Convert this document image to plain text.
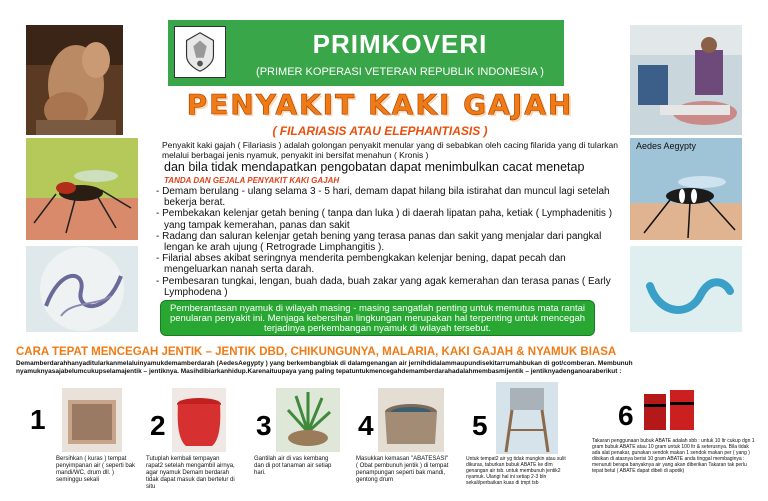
Aedes Aegypty
PRIMKOVERI
(PRIMER KOPERASI VETERAN REPUBLIK INDONESIA )
PENYAKIT KAKI GAJAH
( FILARIASIS ATAU ELEPHANTIASIS )
Penyakit kaki gajah ( Filariasis ) adalah golongan penyakit menular yang di sebabkan oleh cacing filarida yang di tularkan melalui berbagai jenis nyamuk, penyakit ini bersifat menahun ( Kronis )
dan bila tidak mendapatkan pengobatan dapat menimbulkan cacat menetap
TANDA DAN GEJALA PENYAKIT KAKI GAJAH
- Demam berulang - ulang selama 3 - 5 hari, demam dapat hilang bila istirahat dan muncul lagi setelah bekerja berat.
- Pembekakan kelenjar getah bening ( tanpa dan luka ) di daerah lipatan paha, ketiak ( Lymphadenitis ) yang tampak kemerahan, panas dan sakit
- Radang dan saluran kelenjar getah bening yang terasa panas dan sakit yang menjalar dari pangkal lengan ke arah ujung ( Retrograde Limphangitis ).
- Filarial abses akibat seringnya menderita pembengkakan kelenjar bening, dapat pecah dan mengeluarkan nanah serta darah.
- Pembesaran tungkai, lengan, buah dada, buah zakar yang agak kemerahan dan terasa panas ( Early Lymphodena )
Pemberantasan nyamuk di wilayah masing - masing sangatlah penting untuk memutus mata rantai penularan penyakit ini. Menjaga kebersihan lingkungan merupakan hal terpenting untuk mencegah terjadinya perkembangan nyamuk di wilayah tersebut.
CARA TEPAT MENCEGAH JENTIK – JENTIK DBD, CHIKUNGUNYA, MALARIA, KAKI GAJAH & NYAMUK BIASA
Demamberdarahhanyaditularkanmelaluinyamukdemamberdarah (AedesAegypty ) yang berkembangbiak di dalamgenangan air jernihdidalammaupundisekitarrumahbukan di got/comberan. Membunuh nyamuknyasajabelumcukupselamajentik – jentiknya. Masihdibiarkanhidup.Karenaituupaya yang paling tepatuntukmencegahdemamberdarahadalahmembasmijentik – jentiknyadenganoaraberikut :
1
Bersihkan ( kuras ) tempat penyimpanan air ( seperti bak mandi/WC, drum dll. ) seminggu sekali
2
Tutuplah kembali tempayan rapat2 setelah mengambil airnya, agar nyamuk Demam berdarah tidak dapat masuk dan bertelur di situ
3
Gantilah air di vas kembang dan di pot tanaman air setiap hari.
4
Masukkan kemasan "ABATESASI" ( Obat pembunuh jentik ) di tempat penampungan seperti bak mandi, gentong drum
5
Untuk tempat2 air yg tidak mungkin atau sulit dikuras, taburkan bubuk ABATE ke dlm genangan air tsb. untuk membunuh jentik2 nyamuk. Ulangi hal ini setiap 2-3 bln sekali/perbaikan kuas di tmpt tsb
6
Takaran penggunaan bubuk ABATE adalah sbb : untuk 10 ltr cukup dgn 1 gram bubuk ABATE atau 10 gram untuk 100 ltr & seterusnya. Bila tidak ada alat penakar, gunakan sendok makan 1 sendok makan per ( yang ) diisikan di atasnya berisi 10 gram ABATE anda tinggal membaginya : menuruti berapa banyaknya air yang akan diberikan Takaran tak perlu tepat betul ( ABATE dapat dibeli di apotik)
